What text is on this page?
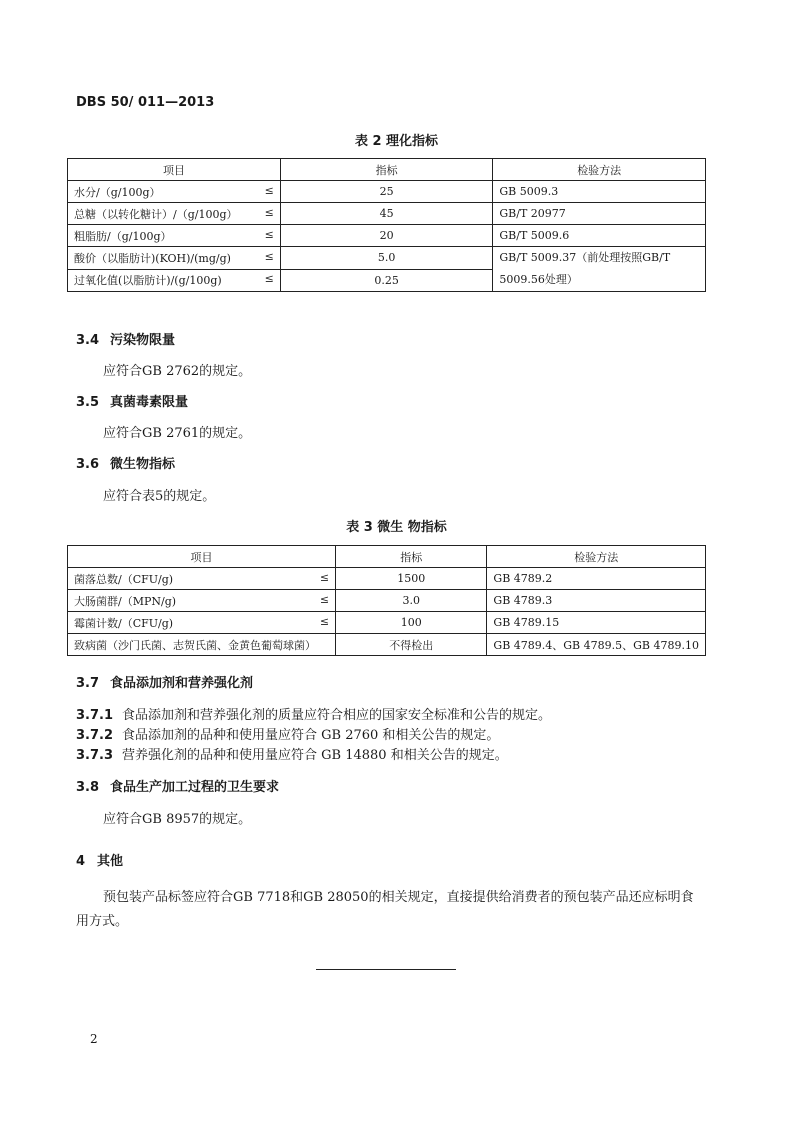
DBS 50/ 011—2013
表 2 理化指标
项目	指标	检验方法
水分/（g/100g） ≤	25	GB 5009.3
总糖（以转化糖计）/（g/100g） ≤	45	GB/T 20977
粗脂肪/（g/100g） ≤	20	GB/T 5009.6
酸价（以脂肪计)(KOH)/(mg/g) ≤	5.0	GB/T 5009.37（前处理按照GB/T 5009.56处理）
过氧化值(以脂肪计)/(g/100g) ≤	0.25	
3.4 污染物限量
应符合GB 2762的规定。
3.5 真菌毒素限量
应符合GB 2761的规定。
3.6 微生物指标
应符合表5的规定。
表 3 微生 物指标
项目	指标	检验方法
菌落总数/（CFU/g) ≤	1500	GB 4789.2
大肠菌群/（MPN/g) ≤	3.0	GB 4789.3
霉菌计数/（CFU/g) ≤	100	GB 4789.15
致病菌（沙门氏菌、志贺氏菌、金黄色葡萄球菌）	不得检出	GB 4789.4、GB 4789.5、GB 4789.10
3.7 食品添加剂和营养强化剂
3.7.1 食品添加剂和营养强化剂的质量应符合相应的国家安全标准和公告的规定。
3.7.2 食品添加剂的品种和使用量应符合 GB 2760 和相关公告的规定。
3.7.3 营养强化剂的品种和使用量应符合 GB 14880 和相关公告的规定。
3.8 食品生产加工过程的卫生要求
应符合GB 8957的规定。
4 其他
预包装产品标签应符合GB 7718和GB 28050的相关规定，直接提供给消费者的预包装产品还应标明食用方式。
2
